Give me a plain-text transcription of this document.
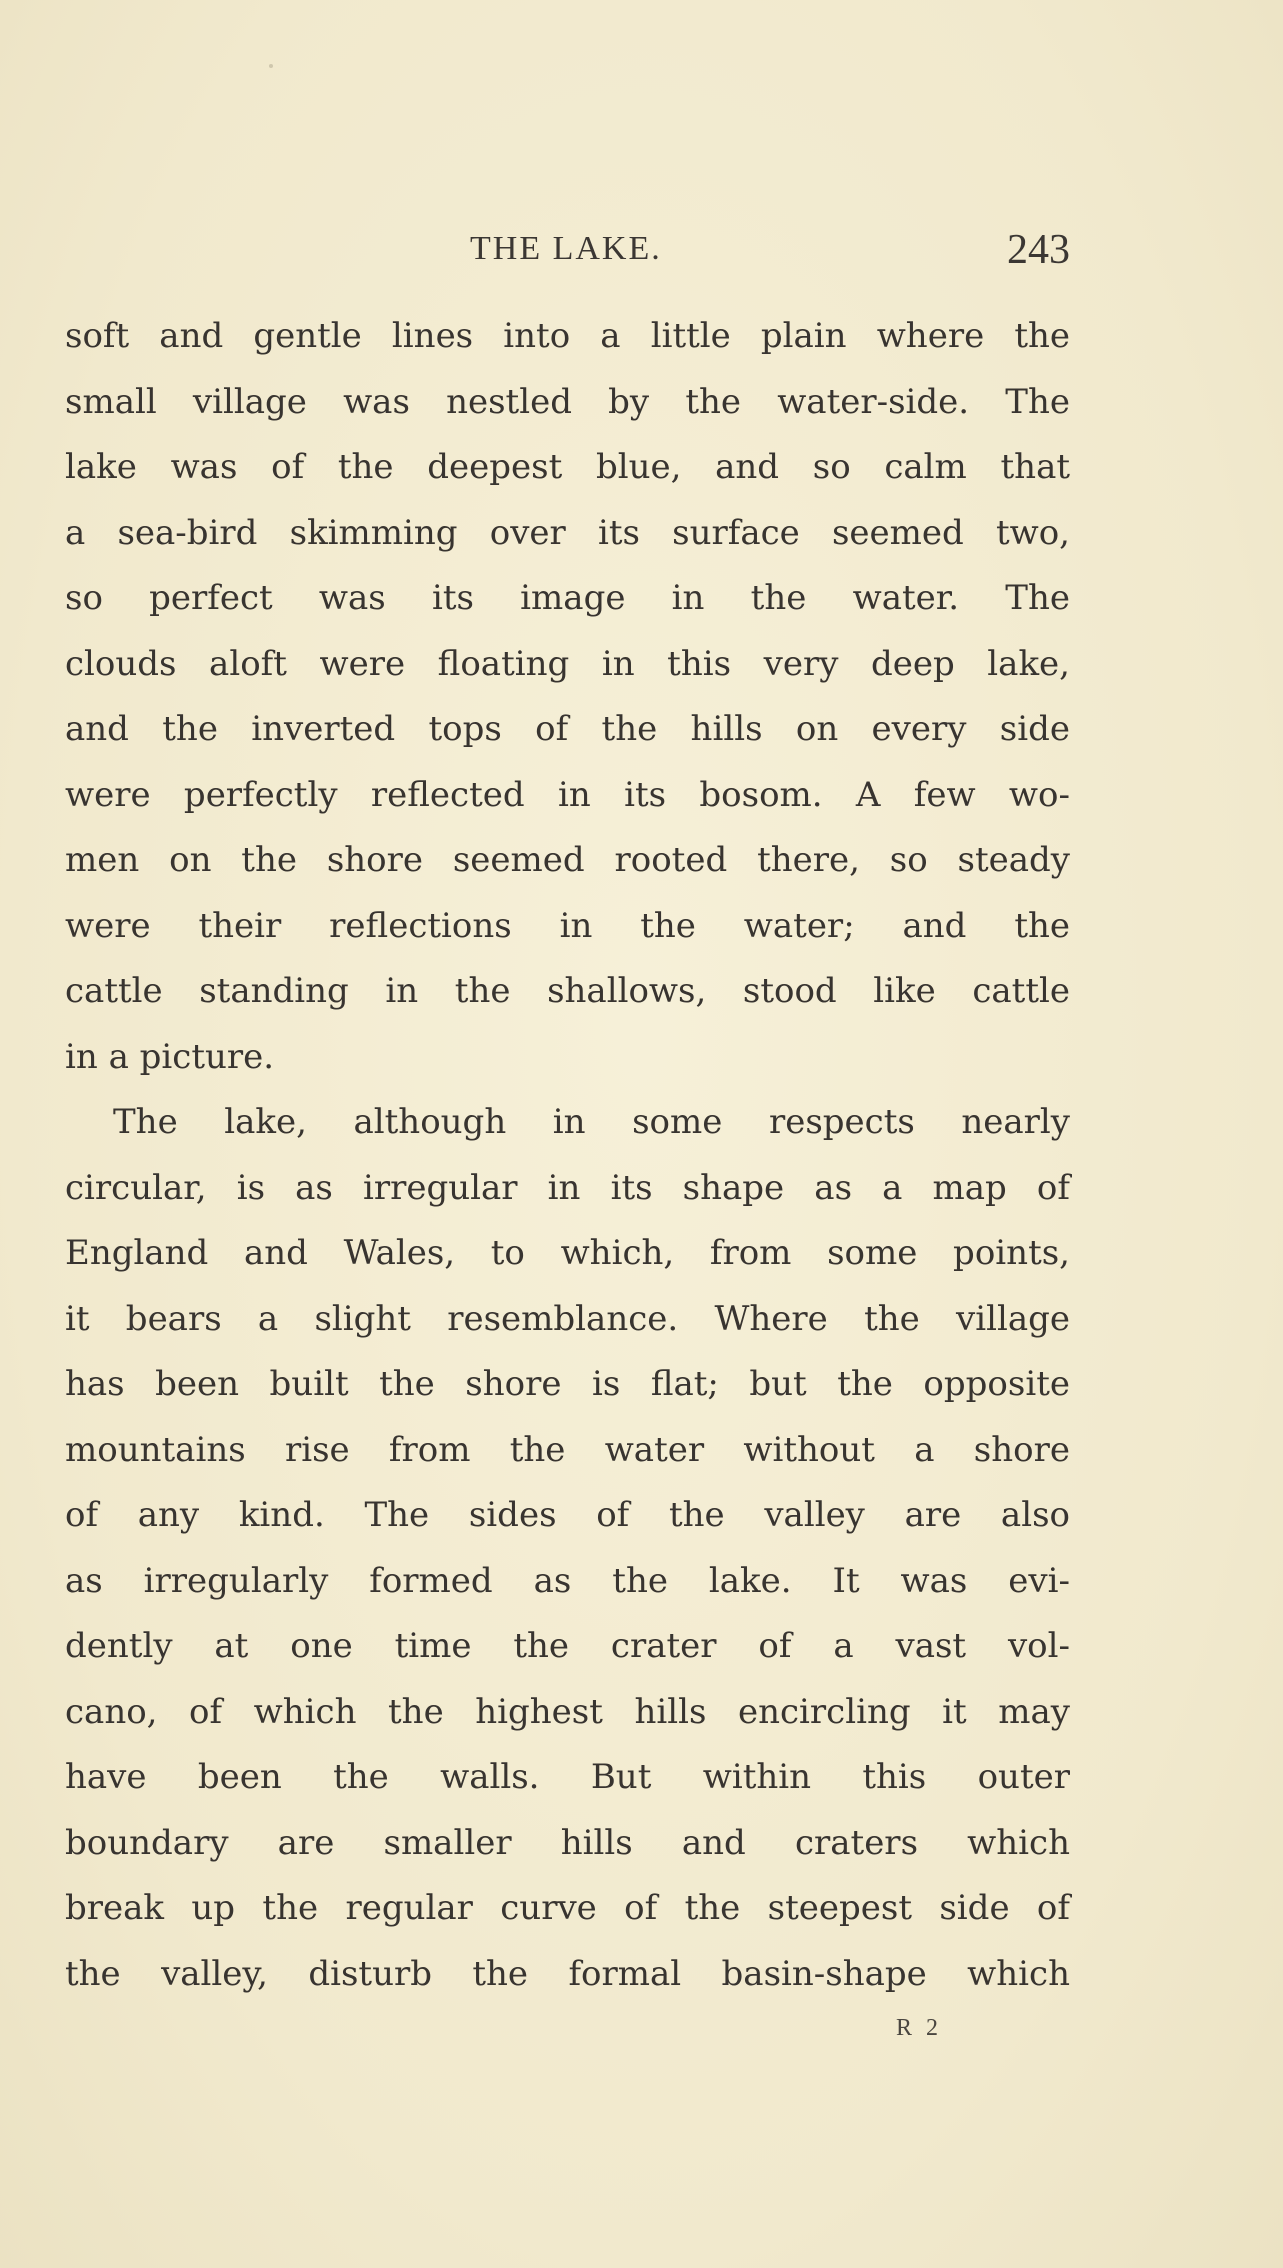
THE LAKE.	243
soft and gentle lines into a little plain where the
small village was nestled by the water-side. The
lake was of the deepest blue, and so calm that
a sea-bird skimming over its surface seemed two,
so perfect was its image in the water. The
clouds aloft were floating in this very deep lake,
and the inverted tops of the hills on every side
were perfectly reflected in its bosom. A few wo-
men on the shore seemed rooted there, so steady
were their reflections in the water; and the
cattle standing in the shallows, stood like cattle
in a picture.
The lake, although in some respects nearly
circular, is as irregular in its shape as a map of
England and Wales, to which, from some points,
it bears a slight resemblance. Where the village
has been built the shore is flat; but the opposite
mountains rise from the water without a shore
of any kind. The sides of the valley are also
as irregularly formed as the lake. It was evi-
dently at one time the crater of a vast vol-
cano, of which the highest hills encircling it may
have been the walls. But within this outer
boundary are smaller hills and craters which
break up the regular curve of the steepest side of
the valley, disturb the formal basin-shape which
R 2
